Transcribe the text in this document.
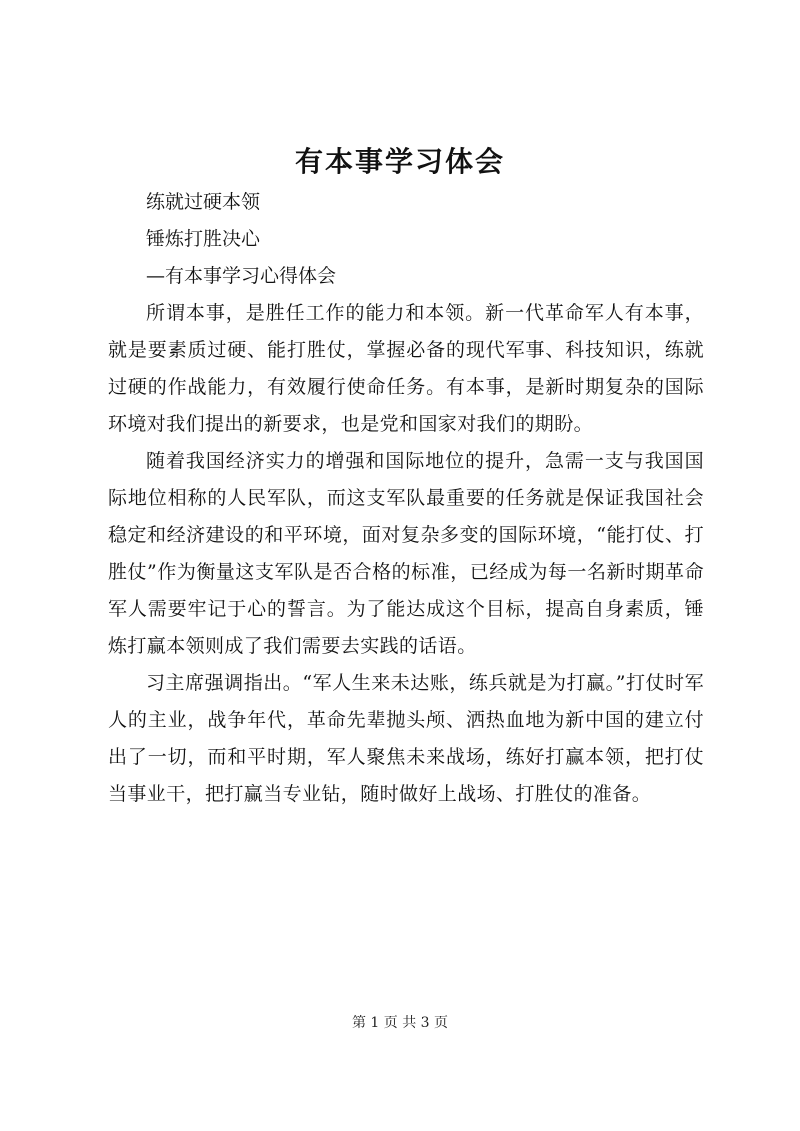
有本事学习体会

练就过硬本领

锤炼打胜决心

—有本事学习心得体会

所谓本事，是胜任工作的能力和本领。新一代革命军人有本事，就是要素质过硬、能打胜仗，掌握必备的现代军事、科技知识，练就过硬的作战能力，有效履行使命任务。有本事，是新时期复杂的国际环境对我们提出的新要求，也是党和国家对我们的期盼。

随着我国经济实力的增强和国际地位的提升，急需一支与我国国际地位相称的人民军队，而这支军队最重要的任务就是保证我国社会稳定和经济建设的和平环境，面对复杂多变的国际环境，“能打仗、打胜仗”作为衡量这支军队是否合格的标准，已经成为每一名新时期革命军人需要牢记于心的誓言。为了能达成这个目标，提高自身素质，锤炼打赢本领则成了我们需要去实践的话语。

习主席强调指出。“军人生来未达账，练兵就是为打赢。”打仗时军人的主业，战争年代，革命先辈抛头颅、洒热血地为新中国的建立付出了一切，而和平时期，军人聚焦未来战场，练好打赢本领，把打仗当事业干，把打赢当专业钻，随时做好上战场、打胜仗的准备。

第 1 页 共 3 页
